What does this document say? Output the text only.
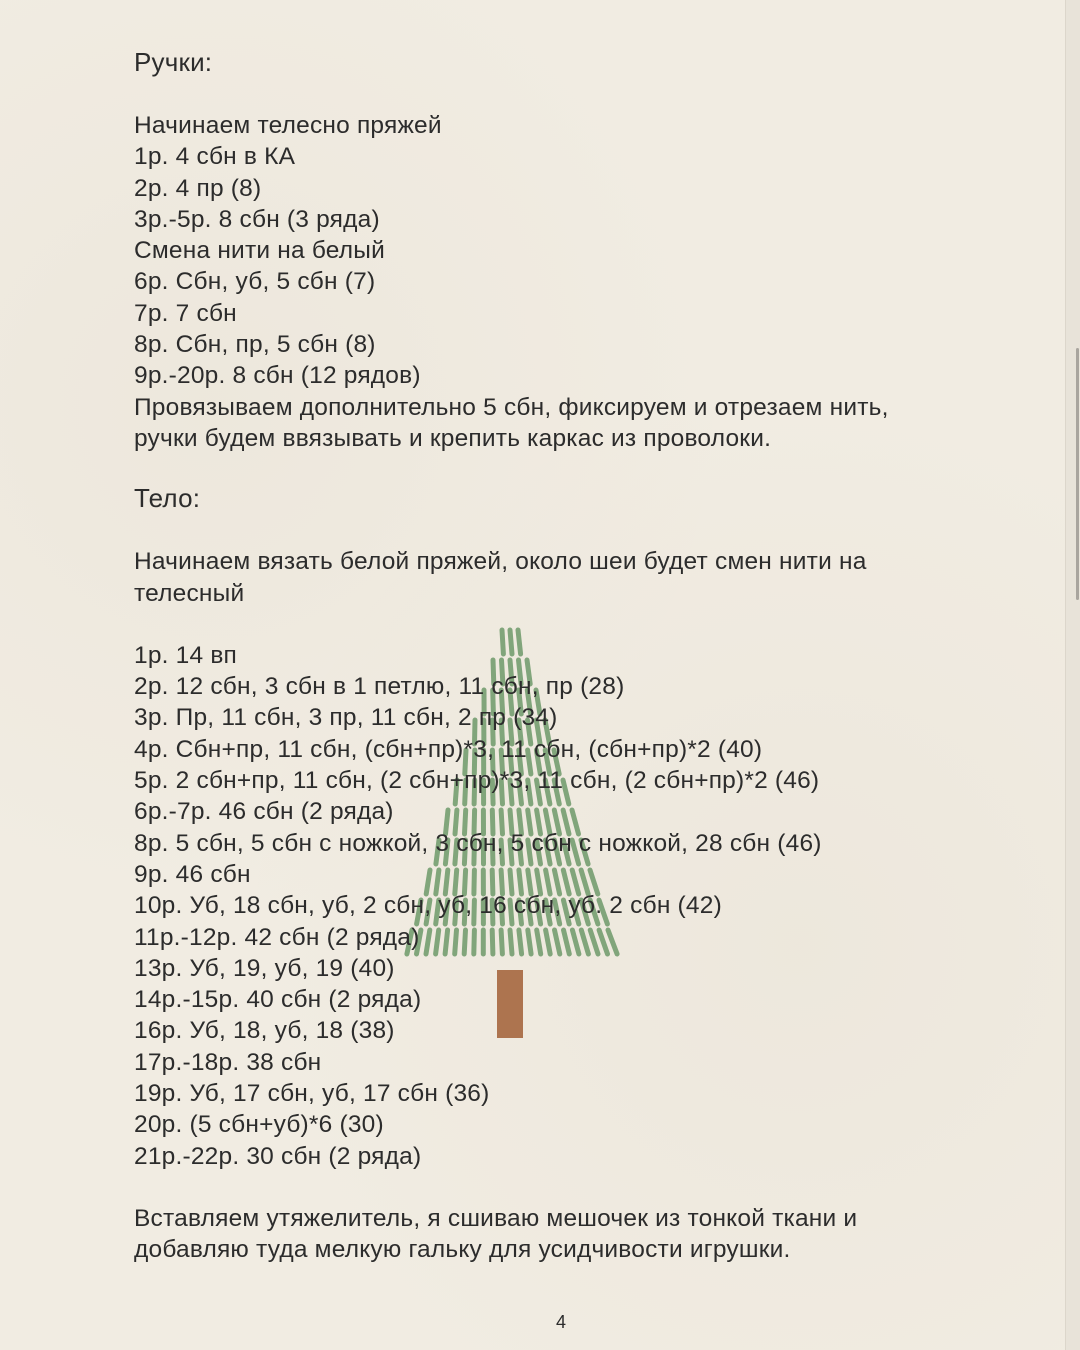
Ручки:
Начинаем телесно пряжей
1р. 4 сбн в КА
2р. 4 пр (8)
3р.-5р. 8 сбн (3 ряда)
Смена нити на белый
6р. Сбн, уб, 5 сбн (7)
7р. 7 сбн
8р. Сбн, пр, 5 сбн (8)
9р.-20р. 8 сбн (12 рядов)
Провязываем дополнительно 5 сбн, фиксируем и отрезаем нить,
ручки будем ввязывать и крепить каркас из проволоки.
Тело:
Начинаем вязать белой пряжей, около шеи будет смен нити на
телесный
1р. 14 вп
2р. 12 сбн, 3 сбн в 1 петлю, 11 сбн, пр (28)
3р. Пр, 11 сбн, 3 пр, 11 сбн, 2 пр (34)
4р. Сбн+пр, 11 сбн, (сбн+пр)*3, 11 сбн, (сбн+пр)*2 (40)
5р. 2 сбн+пр, 11 сбн, (2 сбн+пр)*3, 11 сбн, (2 сбн+пр)*2 (46)
6р.-7р. 46 сбн (2 ряда)
8р. 5 сбн, 5 сбн с ножкой, 3 сбн, 5 сбн с ножкой, 28 сбн (46)
9р. 46 сбн
10р. Уб, 18 сбн, уб, 2 сбн, уб, 16 сбн, уб. 2 сбн (42)
11р.-12р. 42 сбн (2 ряда)
13р. Уб, 19, уб, 19 (40)
14р.-15р. 40 сбн (2 ряда)
16р. Уб, 18, уб, 18 (38)
17р.-18р. 38 сбн
19р. Уб, 17 сбн, уб, 17 сбн (36)
20р. (5 сбн+уб)*6 (30)
21р.-22р. 30 сбн (2 ряда)
Вставляем утяжелитель, я сшиваю мешочек из тонкой ткани и
добавляю туда мелкую гальку для усидчивости игрушки.
4
